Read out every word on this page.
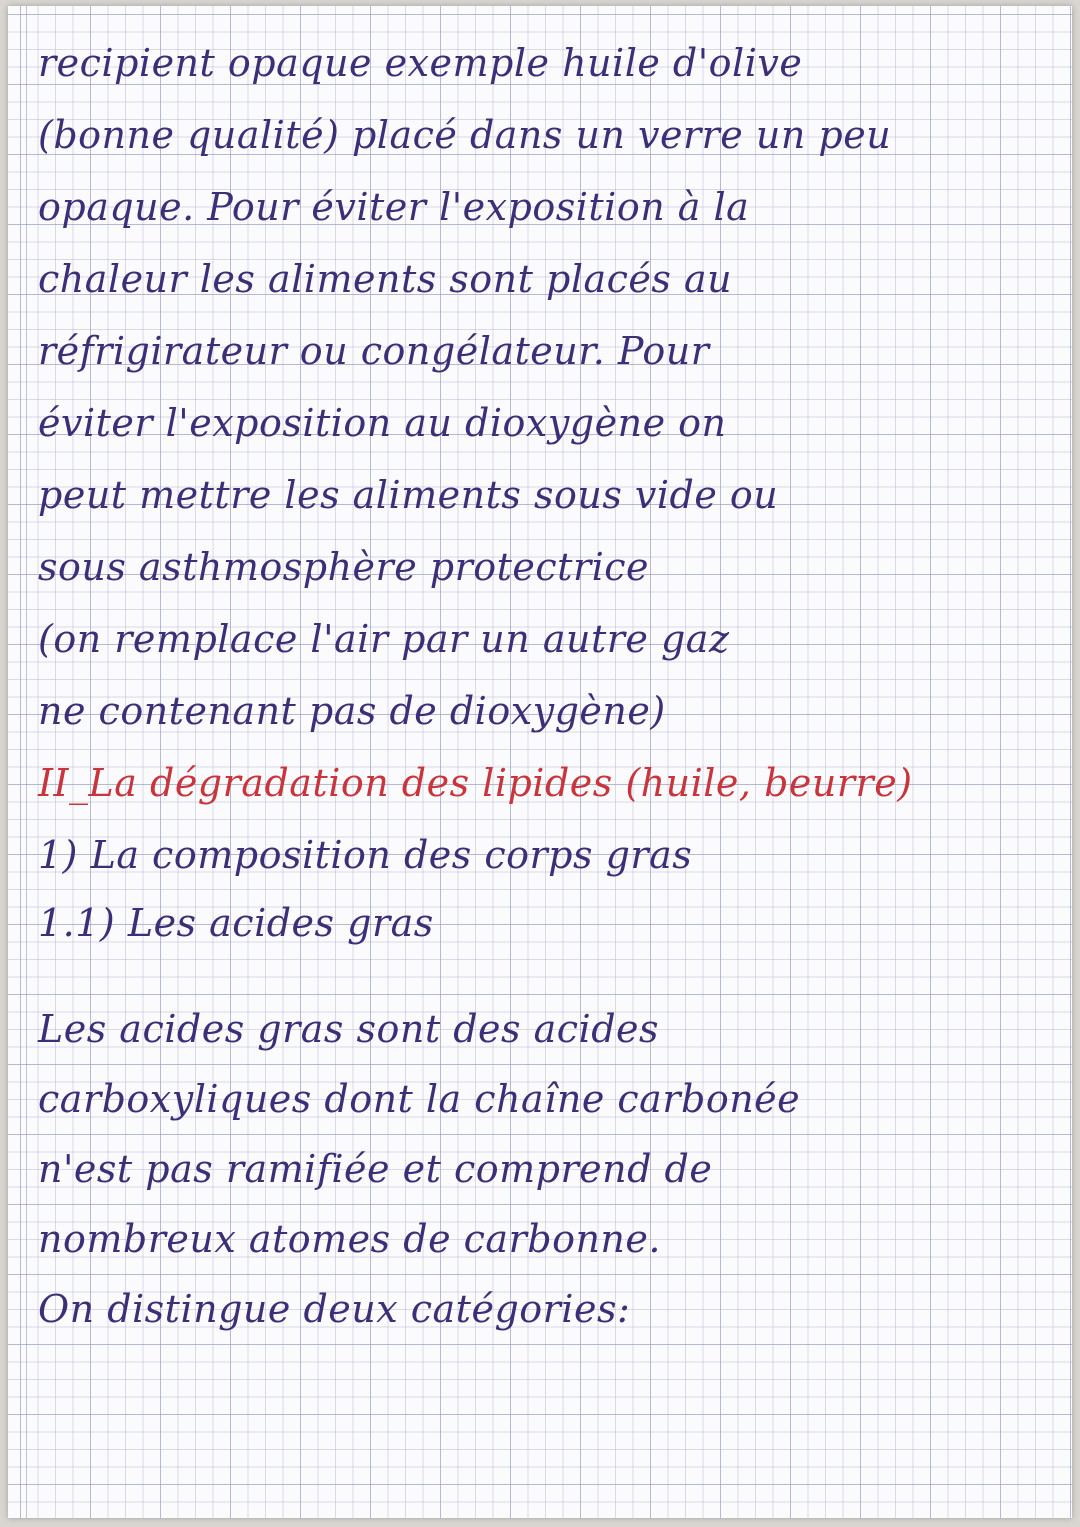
recipient opaque exemple huile d'olive

(bonne qualité) placé dans un verre un peu

opaque. Pour éviter l'exposition à la

chaleur les aliments sont placés au

réfrigirateur ou congélateur. Pour

éviter l'exposition au dioxygène on

peut mettre les aliments sous vide ou

sous asthmosphère protectrice

(on remplace l'air par un autre gaz

ne contenant pas de dioxygène)

II_La dégradation des lipides (huile, beurre)

1) La composition des corps gras

1.1) Les acides gras

Les acides gras sont des acides

carboxyliques dont la chaîne carbonée

n'est pas ramifiée et comprend de

nombreux atomes de carbonne.

On distingue deux catégories:
